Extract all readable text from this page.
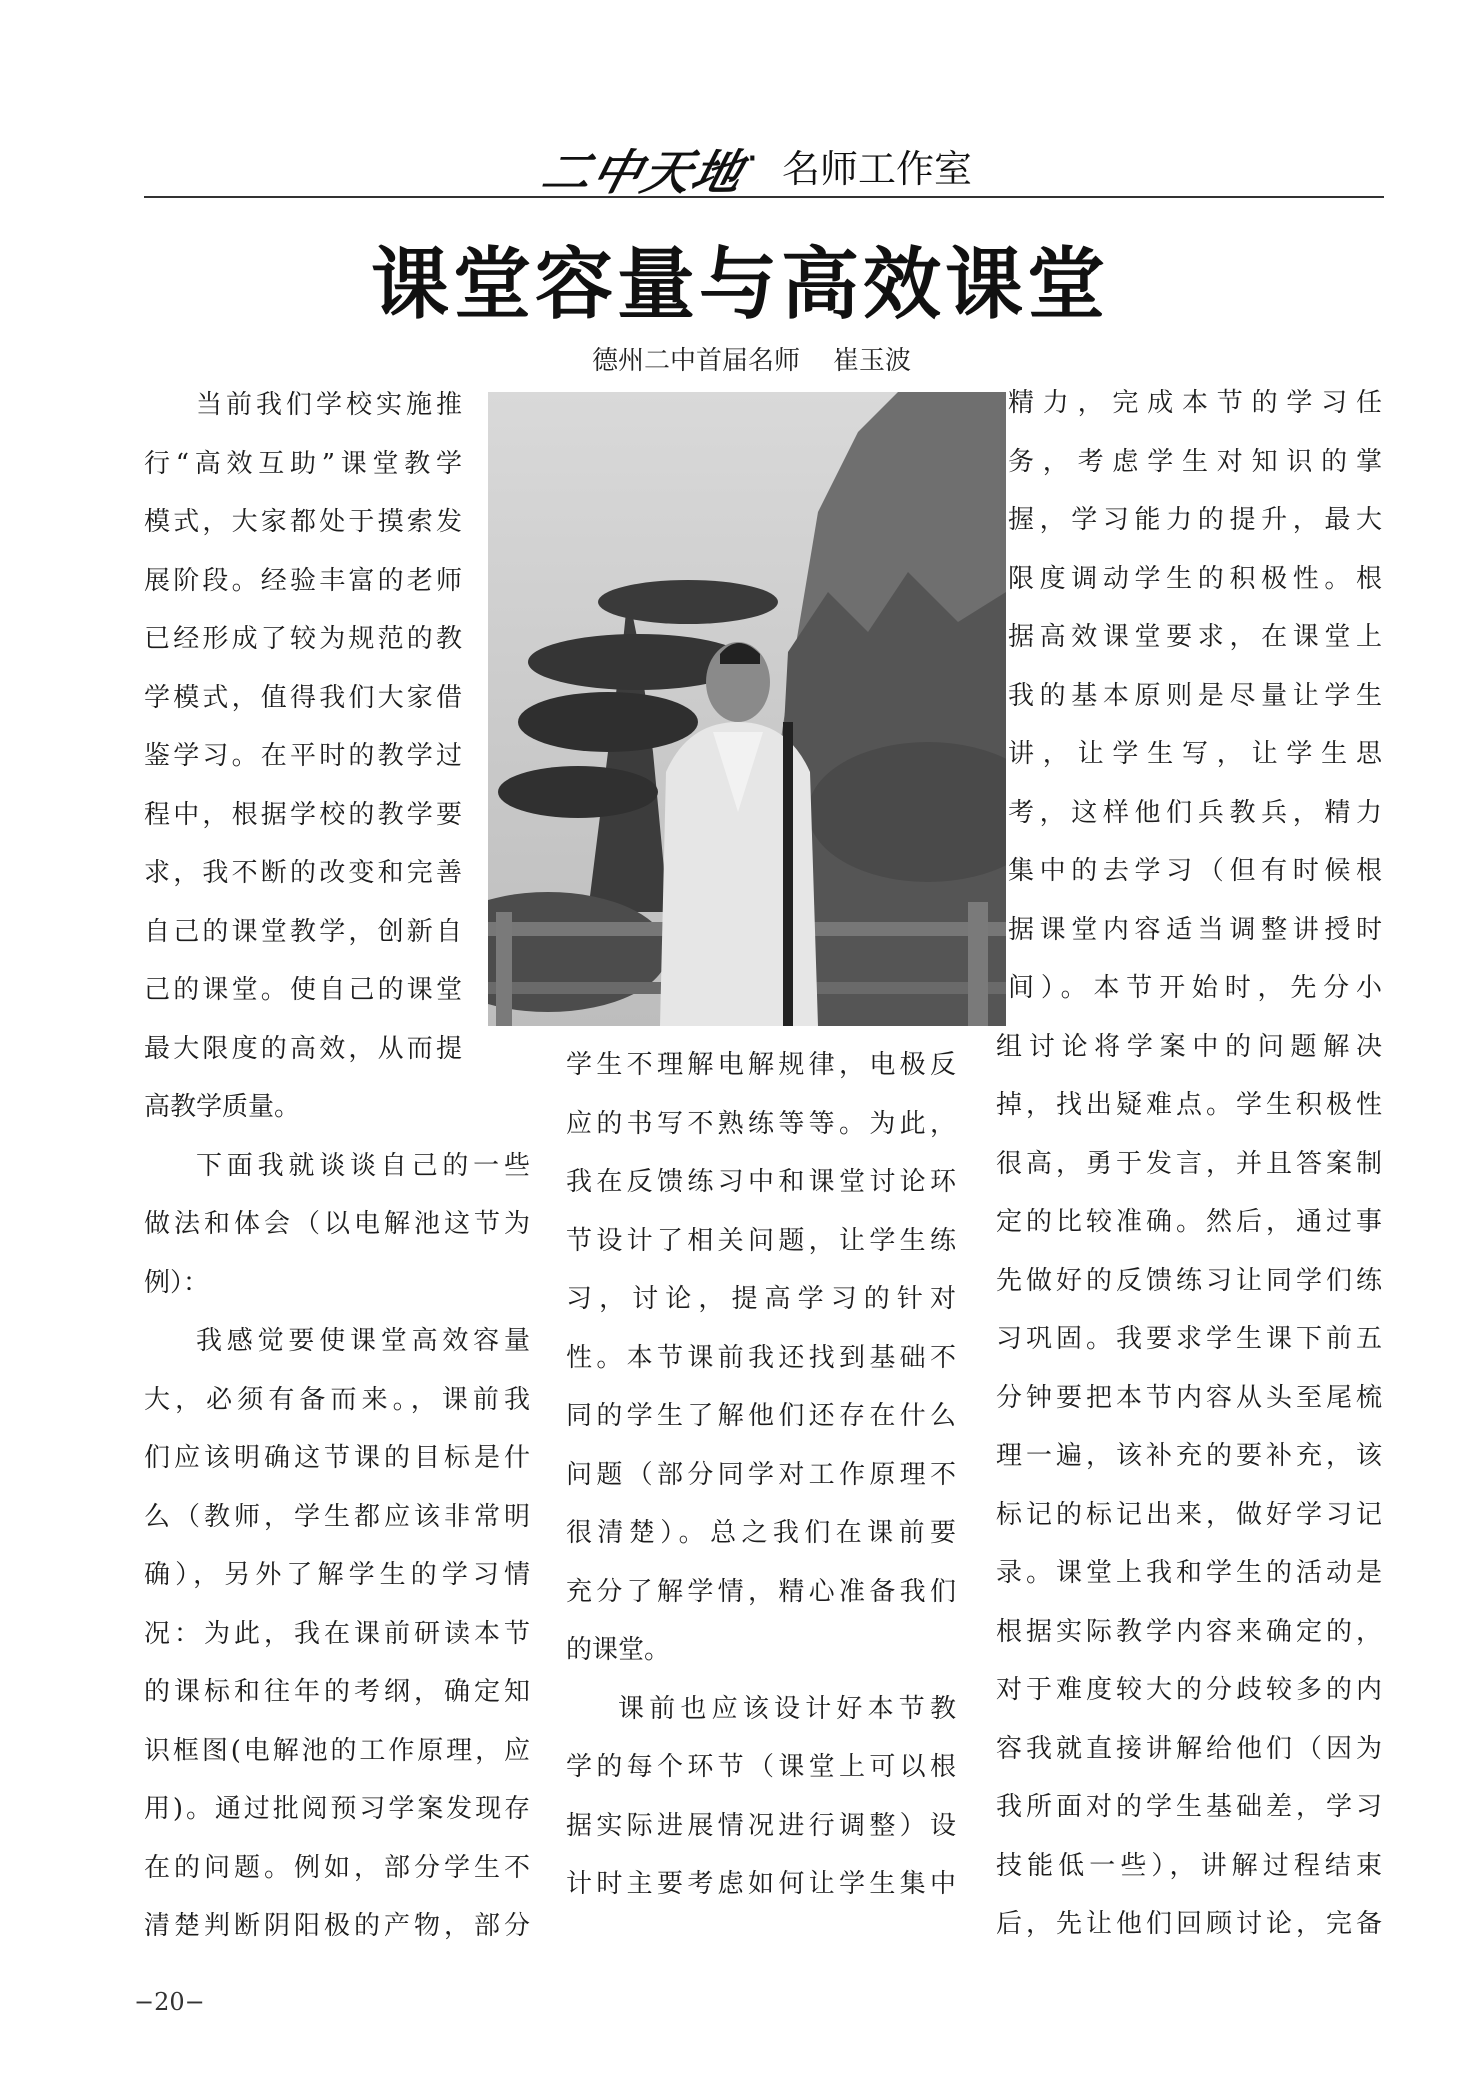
二中天地
· 名师工作室
课堂容量与高效课堂
德州二中首届名师    崔玉波

当前我们学校实施推

行“高效互助”课堂教学

模式，大家都处于摸索发

展阶段。经验丰富的老师

已经形成了较为规范的教

学模式，值得我们大家借

鉴学习。在平时的教学过

程中，根据学校的教学要

求，我不断的改变和完善

自己的课堂教学，创新自

己的课堂。使自己的课堂

最大限度的高效，从而提

高教学质量。

下面我就谈谈自己的一些

做法和体会（以电解池这节为

例）：

我感觉要使课堂高效容量

大，必须有备而来。，课前我

们应该明确这节课的目标是什

么（教师，学生都应该非常明

确），另外了解学生的学习情

况：为此，我在课前研读本节

的课标和往年的考纲，确定知

识框图(电解池的工作原理，应

用)。通过批阅预习学案发现存

在的问题。例如，部分学生不

清楚判断阴阳极的产物，部分

学生不理解电解规律，电极反

应的书写不熟练等等。为此，

我在反馈练习中和课堂讨论环

节设计了相关问题，让学生练

习，讨论，提高学习的针对

性。本节课前我还找到基础不

同的学生了解他们还存在什么

问题（部分同学对工作原理不

很清楚）。总之我们在课前要

充分了解学情，精心准备我们

的课堂。

课前也应该设计好本节教

学的每个环节（课堂上可以根

据实际进展情况进行调整）设

计时主要考虑如何让学生集中

精力，完成本节的学习任

务，考虑学生对知识的掌

握，学习能力的提升，最大

限度调动学生的积极性。根

据高效课堂要求，在课堂上

我的基本原则是尽量让学生

讲，让学生写，让学生思

考，这样他们兵教兵，精力

集中的去学习（但有时候根

据课堂内容适当调整讲授时

间）。本节开始时，先分小

组讨论将学案中的问题解决

掉，找出疑难点。学生积极性

很高，勇于发言，并且答案制

定的比较准确。然后，通过事

先做好的反馈练习让同学们练

习巩固。我要求学生课下前五

分钟要把本节内容从头至尾梳

理一遍，该补充的要补充，该

标记的标记出来，做好学习记

录。课堂上我和学生的活动是

根据实际教学内容来确定的，

对于难度较大的分歧较多的内

容我就直接讲解给他们（因为

我所面对的学生基础差，学习

技能低一些），讲解过程结束

后，先让他们回顾讨论，完备

−20−
